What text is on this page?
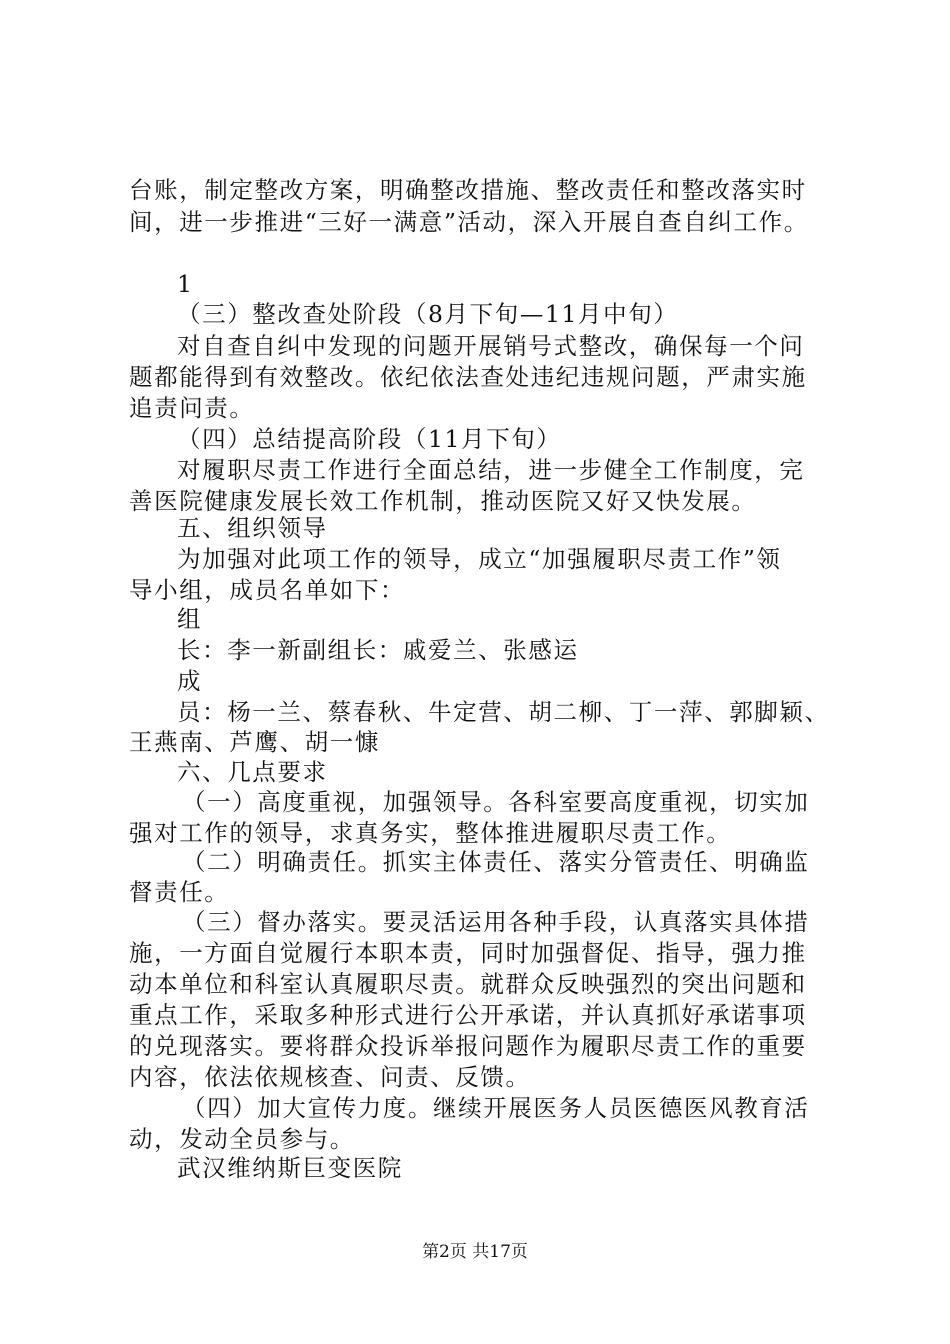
台账，制定整改方案，明确整改措施、整改责任和整改落实时
间，进一步推进“三好一满意”活动，深入开展自查自纠工作。
1
（三）整改查处阶段（8月下旬—11月中旬）
对自查自纠中发现的问题开展销号式整改，确保每一个问
题都能得到有效整改。依纪依法查处违纪违规问题，严肃实施
追责问责。
（四）总结提高阶段（11月下旬）
对履职尽责工作进行全面总结，进一步健全工作制度，完
善医院健康发展长效工作机制，推动医院又好又快发展。
五、组织领导
为加强对此项工作的领导，成立“加强履职尽责工作”领
导小组，成员名单如下：
组
长：李一新副组长：戚爱兰、张感运
成
员：杨一兰、蔡春秋、牛定营、胡二柳、丁一萍、郭脚颖、
王燕南、芦鹰、胡一慷
六、几点要求
（一）高度重视，加强领导。各科室要高度重视，切实加
强对工作的领导，求真务实，整体推进履职尽责工作。
（二）明确责任。抓实主体责任、落实分管责任、明确监
督责任。
（三）督办落实。要灵活运用各种手段，认真落实具体措
施，一方面自觉履行本职本责，同时加强督促、指导，强力推
动本单位和科室认真履职尽责。就群众反映强烈的突出问题和
重点工作，采取多种形式进行公开承诺，并认真抓好承诺事项
的兑现落实。要将群众投诉举报问题作为履职尽责工作的重要
内容，依法依规核查、问责、反馈。
（四）加大宣传力度。继续开展医务人员医德医风教育活
动，发动全员参与。
武汉维纳斯巨变医院
第2页 共17页
